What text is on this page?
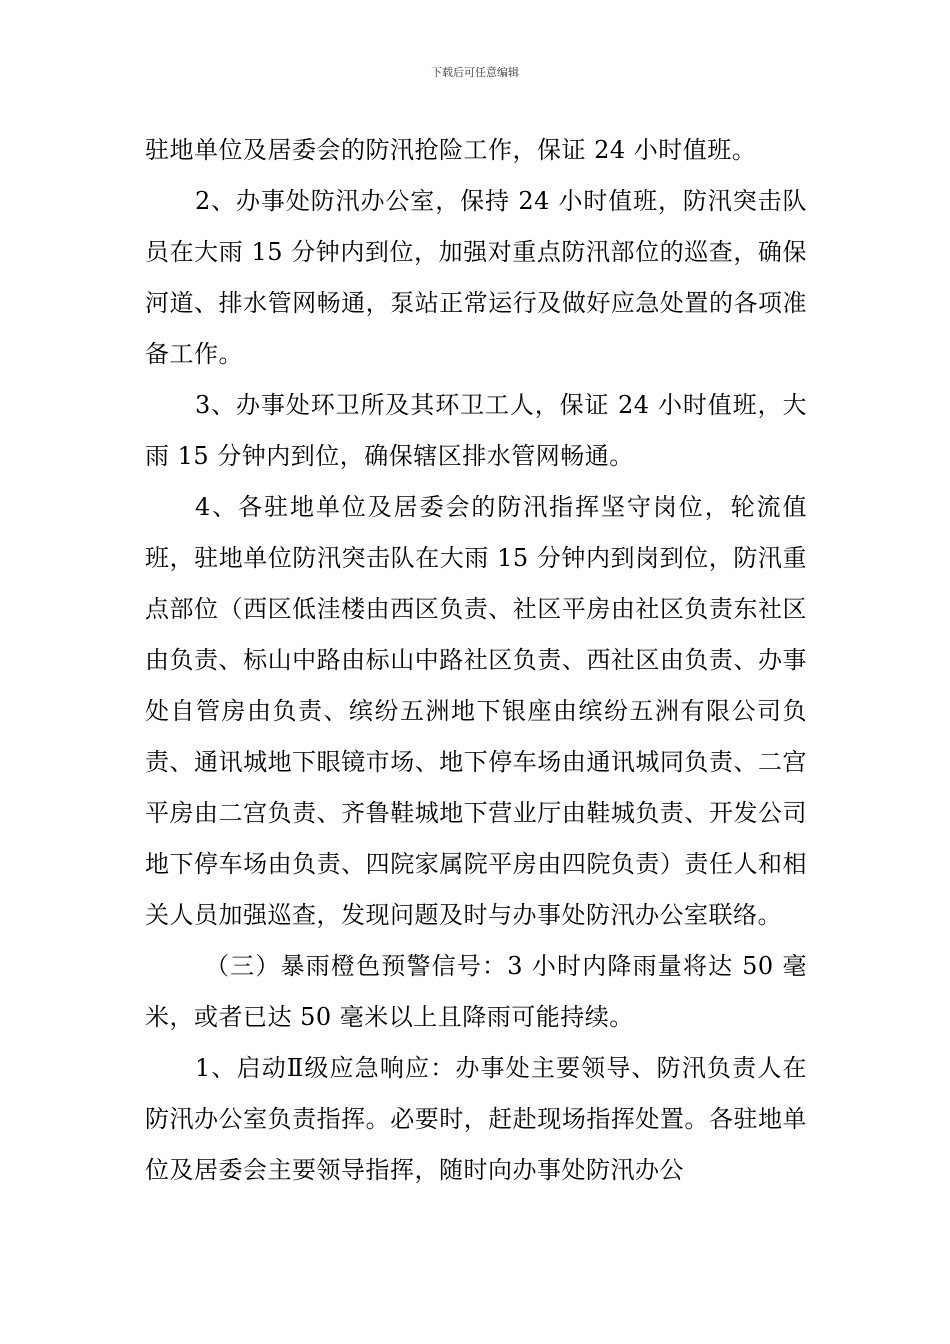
下载后可任意编辑

驻地单位及居委会的防汛抢险工作，保证 24 小时值班。

2、办事处防汛办公室，保持 24 小时值班，防汛突击队员在大雨 15 分钟内到位，加强对重点防汛部位的巡查，确保河道、排水管网畅通，泵站正常运行及做好应急处置的各项准备工作。

3、办事处环卫所及其环卫工人，保证 24 小时值班，大雨 15 分钟内到位，确保辖区排水管网畅通。

4、各驻地单位及居委会的防汛指挥坚守岗位，轮流值班，驻地单位防汛突击队在大雨 15 分钟内到岗到位，防汛重点部位（西区低洼楼由西区负责、社区平房由社区负责东社区由负责、标山中路由标山中路社区负责、西社区由负责、办事处自管房由负责、缤纷五洲地下银座由缤纷五洲有限公司负责、通讯城地下眼镜市场、地下停车场由通讯城同负责、二宫平房由二宫负责、齐鲁鞋城地下营业厅由鞋城负责、开发公司地下停车场由负责、四院家属院平房由四院负责）责任人和相关人员加强巡查，发现问题及时与办事处防汛办公室联络。

（三）暴雨橙色预警信号：3 小时内降雨量将达 50 毫米，或者已达 50 毫米以上且降雨可能持续。

1、启动Ⅱ级应急响应：办事处主要领导、防汛负责人在防汛办公室负责指挥。必要时，赶赴现场指挥处置。各驻地单位及居委会主要领导指挥，随时向办事处防汛办公
